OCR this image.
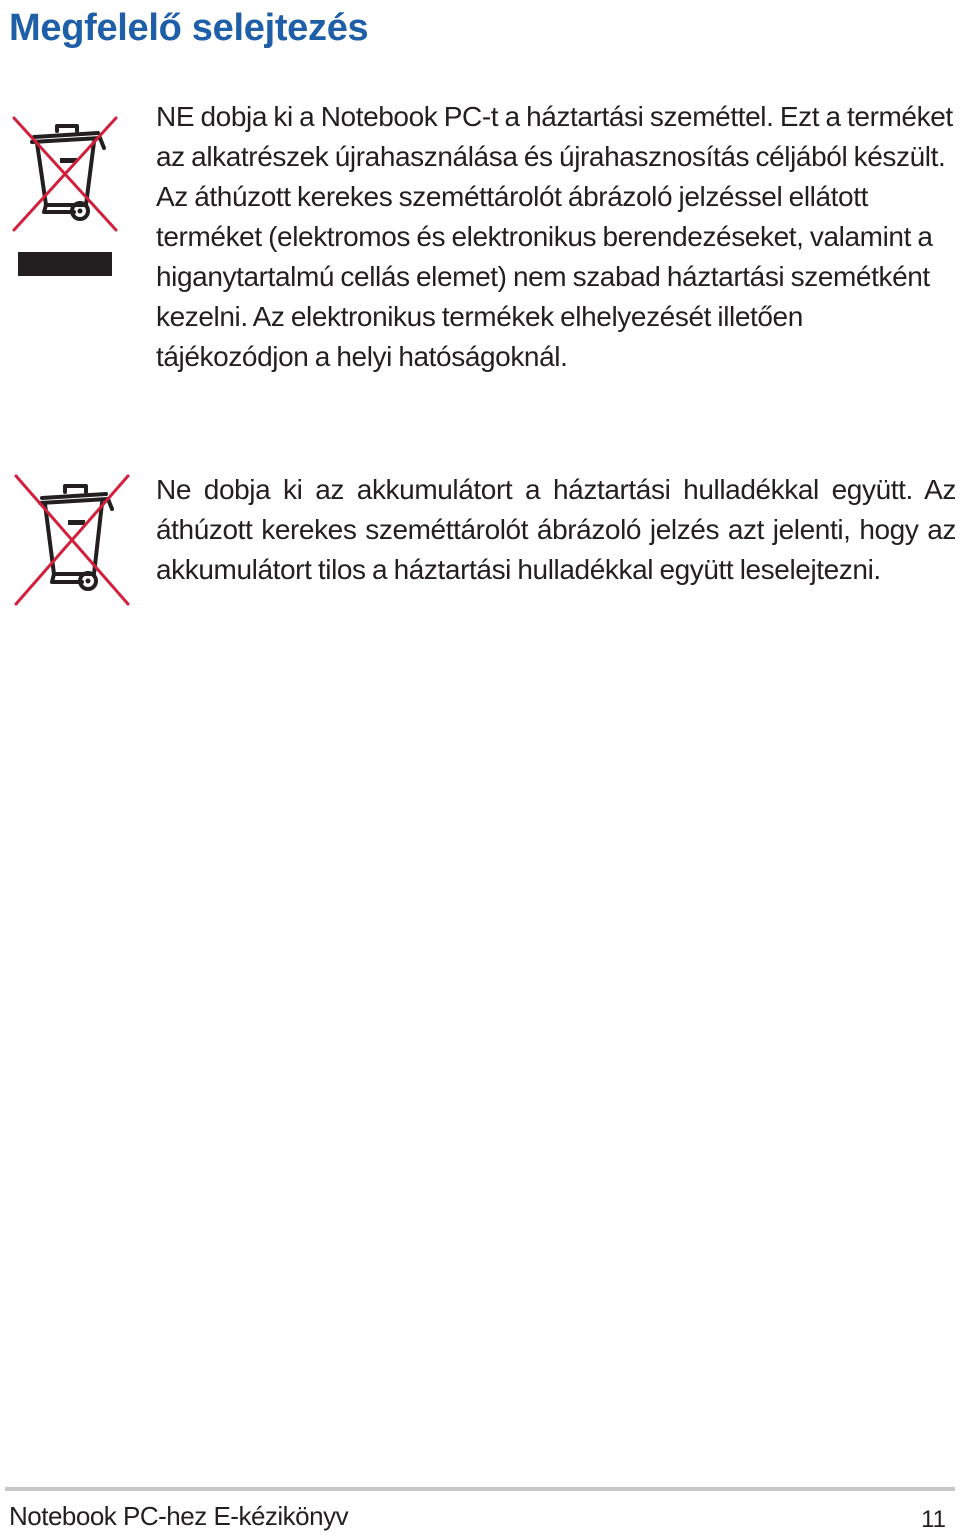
Megfelelő selejtezés

NE dobja ki a Notebook PC-t a háztartási szeméttel. Ezt a terméket az alkatrészek újrahasználása és újrahasznosítás céljából készült. Az áthúzott kerekes szeméttárolót ábrázoló jelzéssel ellátott terméket (elektromos és elektronikus berendezéseket, valamint a higanytartalmú cellás elemet) nem szabad háztartási szemétként kezelni. Az elektronikus termékek elhelyezését illetően tájékozódjon a helyi hatóságoknál.

Ne dobja ki az akkumulátort a háztartási hulladékkal együtt. Az áthúzott kerekes szeméttárolót ábrázoló jelzés azt jelenti, hogy az akkumulátort tilos a háztartási hulladékkal együtt leselejtezni.

Notebook PC-hez E-kézikönyv	11
